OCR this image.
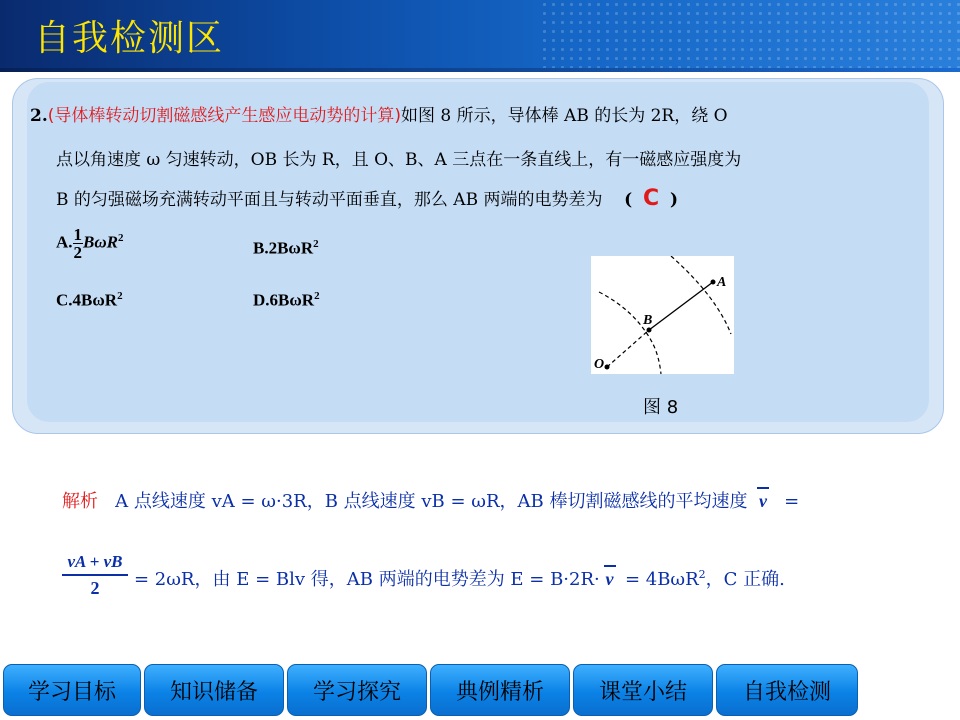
自我检测区
2.(导体棒转动切割磁感线产生感应电动势的计算)如图 8 所示，导体棒 AB 的长为 2R，绕 O
点以角速度 ω 匀速转动，OB 长为 R，且 O、B、A 三点在一条直线上，有一磁感应强度为
B 的匀强磁场充满转动平面且与转动平面垂直，那么 AB 两端的电势差为 ( C )
A. $\frac{1}{2} B\omega R^2$
B.2BωR$^2$
C.4BωR$^2$	D.6BωR$^2$
A
B
O
图 8
解析 A 点线速度 vA = ω·3R，B 点线速度 vB = ωR，AB 棒切割磁感线的平均速度 v =
$\frac{vA + vB}{2} = 2\omega R$，由 E = Blv 得，AB 两端的电势差为 E = B·2R· v = 4BωR$^2$，C 正确.
学习目标	知识储备	学习探究	典例精析	课堂小结	自我检测
